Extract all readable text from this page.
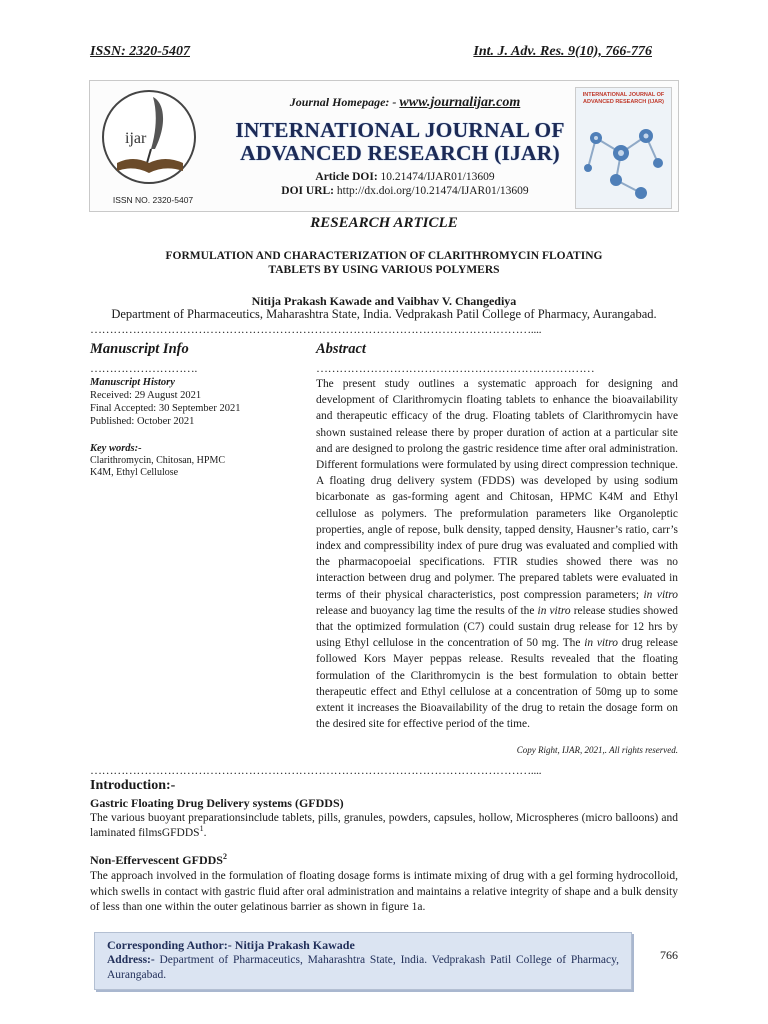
ISSN: 2320-5407	Int. J. Adv. Res. 9(10), 766-776
ijar
ISSN NO. 2320-5407
Journal Homepage: - www.journalijar.com
INTERNATIONAL JOURNAL OF
ADVANCED RESEARCH (IJAR)
Article DOI: 10.21474/IJAR01/13609
DOI URL: http://dx.doi.org/10.21474/IJAR01/13609
INTERNATIONAL JOURNAL OF ADVANCED RESEARCH (IJAR)
RESEARCH ARTICLE
FORMULATION AND CHARACTERIZATION OF CLARITHROMYCIN FLOATING
TABLETS BY USING VARIOUS POLYMERS
Nitija Prakash Kawade and Vaibhav V. Changediya
Department of Pharmaceutics, Maharashtra State, India. Vedprakash Patil College of Pharmacy, Aurangabad.
……………………………………………………………………………………………………....
Manuscript Info
……………………….
Manuscript History
Received: 29 August 2021
Final Accepted: 30 September 2021
Published: October 2021
Key words:-
Clarithromycin, Chitosan, HPMC
K4M, Ethyl Cellulose
Abstract
………………………………………………………………
The present study outlines a systematic approach for designing and development of Clarithromycin floating tablets to enhance the bioavailability and therapeutic efficacy of the drug. Floating tablets of Clarithromycin have shown sustained release there by proper duration of action at a particular site and are designed to prolong the gastric residence time after oral administration. Different formulations were formulated by using direct compression technique. A floating drug delivery system (FDDS) was developed by using sodium bicarbonate as gas-forming agent and Chitosan, HPMC K4M and Ethyl cellulose as polymers. The preformulation parameters like Organoleptic properties, angle of repose, bulk density, tapped density, Hausner’s ratio, carr’s index and compressibility index of pure drug was evaluated and complied with the pharmacopoeial specifications. FTIR studies showed there was no interaction between drug and polymer. The prepared tablets were evaluated in terms of their physical characteristics, post compression parameters; in vitro release and buoyancy lag time the results of the in vitro release studies showed that the optimized formulation (C7) could sustain drug release for 12 hrs by using Ethyl cellulose in the concentration of 50 mg. The in vitro drug release followed Kors Mayer peppas release. Results revealed that the floating formulation of the Clarithromycin is the best formulation to obtain better therapeutic effect and Ethyl cellulose at a concentration of 50mg up to some extent it increases the Bioavailability of the drug to retain the dosage form on the desired site for effective period of the time.
Copy Right, IJAR, 2021,. All rights reserved.
……………………………………………………………………………………………………....
Introduction:-
Gastric Floating Drug Delivery systems (GFDDS)
The various buoyant preparationsinclude tablets, pills, granules, powders, capsules, hollow, Microspheres (micro balloons) and laminated filmsGFDDS$^1$.
Non-Effervescent GFDDS$^2$
The approach involved in the formulation of floating dosage forms is intimate mixing of drug with a gel forming hydrocolloid, which swells in contact with gastric fluid after oral administration and maintains a relative integrity of shape and a bulk density of less than one within the outer gelatinous barrier as shown in figure 1a.
Corresponding Author:- Nitija Prakash Kawade
Address:- Department of Pharmaceutics, Maharashtra State, India. Vedprakash Patil College of Pharmacy, Aurangabad.
766
